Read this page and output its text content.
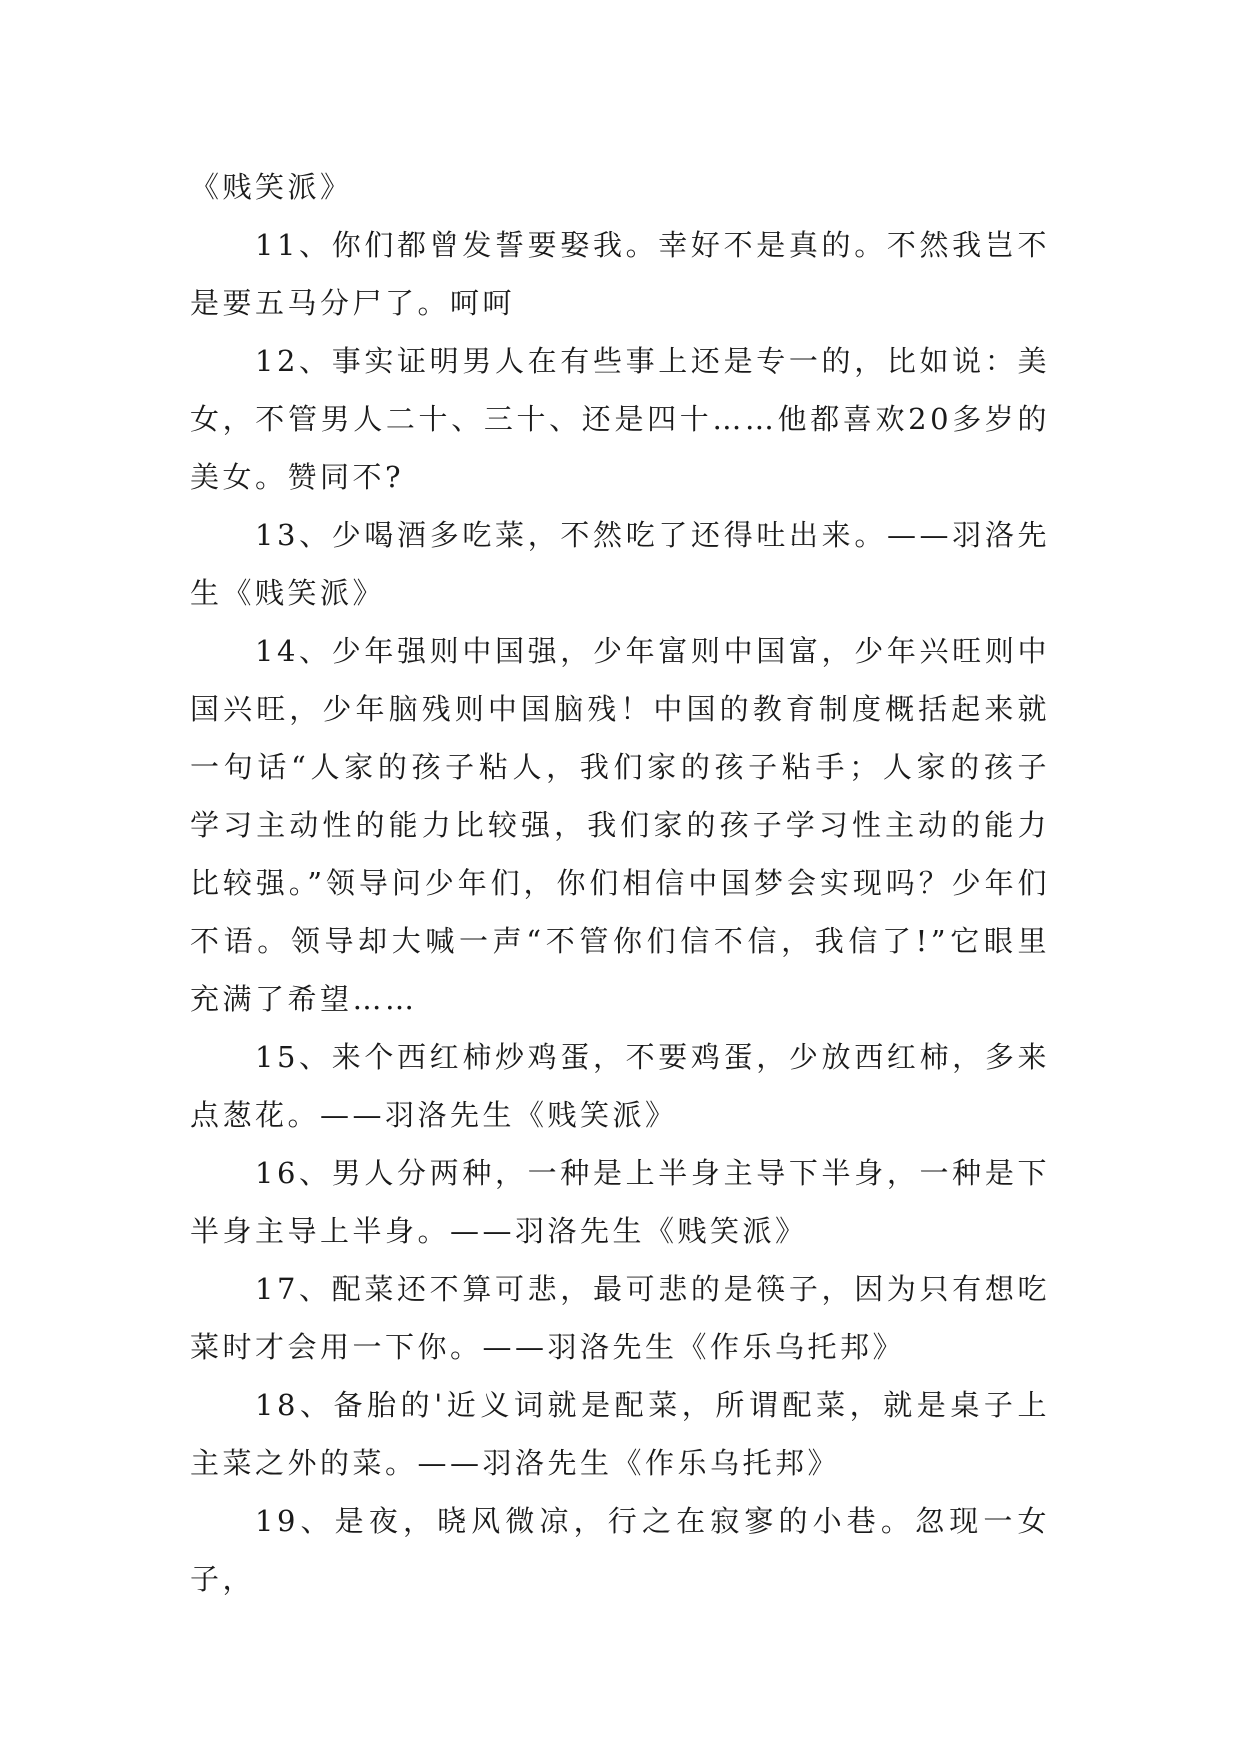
《贱笑派》

11、你们都曾发誓要娶我。幸好不是真的。不然我岂不是要五马分尸了。呵呵

12、事实证明男人在有些事上还是专一的，比如说：美女，不管男人二十、三十、还是四十……他都喜欢20多岁的美女。赞同不?

13、少喝酒多吃菜，不然吃了还得吐出来。——羽洛先生《贱笑派》

14、少年强则中国强，少年富则中国富，少年兴旺则中国兴旺，少年脑残则中国脑残！中国的教育制度概括起来就一句话“人家的孩子粘人，我们家的孩子粘手；人家的孩子学习主动性的能力比较强，我们家的孩子学习性主动的能力比较强。”领导问少年们，你们相信中国梦会实现吗？少年们不语。领导却大喊一声“不管你们信不信，我信了!”它眼里充满了希望……

15、来个西红柿炒鸡蛋，不要鸡蛋，少放西红柿，多来点葱花。——羽洛先生《贱笑派》

16、男人分两种，一种是上半身主导下半身，一种是下半身主导上半身。——羽洛先生《贱笑派》

17、配菜还不算可悲，最可悲的是筷子，因为只有想吃菜时才会用一下你。——羽洛先生《作乐乌托邦》

18、备胎的'近义词就是配菜，所谓配菜，就是桌子上主菜之外的菜。——羽洛先生《作乐乌托邦》

19、是夜，晓风微凉，行之在寂寥的小巷。忽现一女子，
